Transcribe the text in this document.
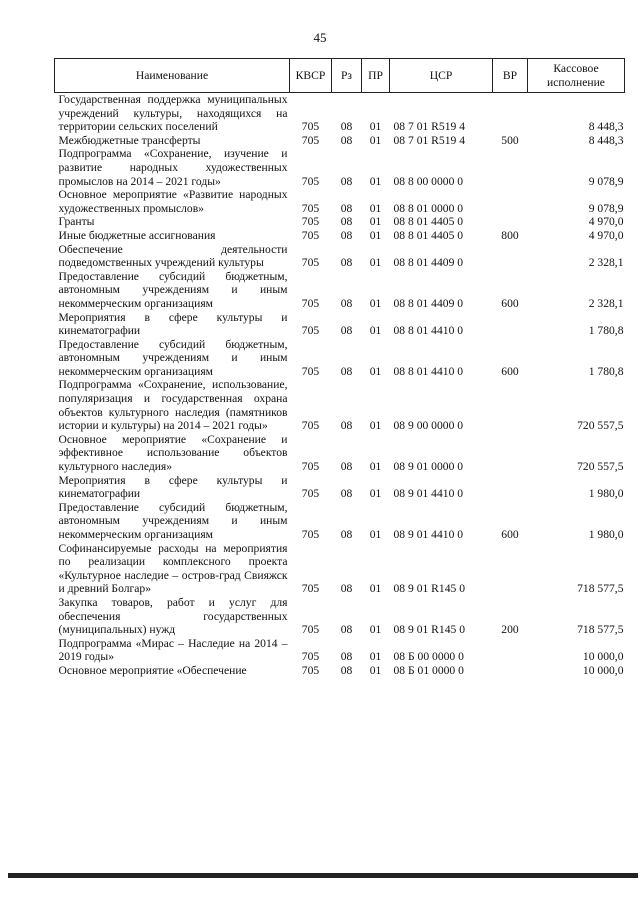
45
Наименование	КВСР	Рз	ПР	ЦСР	ВР	Кассовое исполнение
Государственная поддержка муниципальных учреждений культуры, находящихся на территории сельских поселений	705	08	01	08 7 01 R519 4		8 448,3
Межбюджетные трансферты	705	08	01	08 7 01 R519 4	500	8 448,3
Подпрограмма «Сохранение, изучение и развитие народных художественных промыслов на 2014 – 2021 годы»	705	08	01	08 8 00 0000 0		9 078,9
Основное мероприятие «Развитие народных художественных промыслов»	705	08	01	08 8 01 0000 0		9 078,9
Гранты	705	08	01	08 8 01 4405 0		4 970,0
Иные бюджетные ассигнования	705	08	01	08 8 01 4405 0	800	4 970,0
Обеспечение деятельности подведомственных учреждений культуры	705	08	01	08 8 01 4409 0		2 328,1
Предоставление субсидий бюджетным, автономным учреждениям и иным некоммерческим организациям	705	08	01	08 8 01 4409 0	600	2 328,1
Мероприятия в сфере культуры и кинематографии	705	08	01	08 8 01 4410 0		1 780,8
Предоставление субсидий бюджетным, автономным учреждениям и иным некоммерческим организациям	705	08	01	08 8 01 4410 0	600	1 780,8
Подпрограмма «Сохранение, использование, популяризация и государственная охрана объектов культурного наследия (памятников истории и культуры) на 2014 – 2021 годы»	705	08	01	08 9 00 0000 0		720 557,5
Основное мероприятие «Сохранение и эффективное использование объектов культурного наследия»	705	08	01	08 9 01 0000 0		720 557,5
Мероприятия в сфере культуры и кинематографии	705	08	01	08 9 01 4410 0		1 980,0
Предоставление субсидий бюджетным, автономным учреждениям и иным некоммерческим организациям	705	08	01	08 9 01 4410 0	600	1 980,0
Софинансируемые расходы на мероприятия по реализации комплексного проекта «Культурное наследие – остров-град Свияжск и древний Болгар»	705	08	01	08 9 01 R145 0		718 577,5
Закупка товаров, работ и услуг для обеспечения государственных (муниципальных) нужд	705	08	01	08 9 01 R145 0	200	718 577,5
Подпрограмма «Мирас – Наследие на 2014 – 2019 годы»	705	08	01	08 Б 00 0000 0		10 000,0
Основное мероприятие «Обеспечение	705	08	01	08 Б 01 0000 0		10 000,0
